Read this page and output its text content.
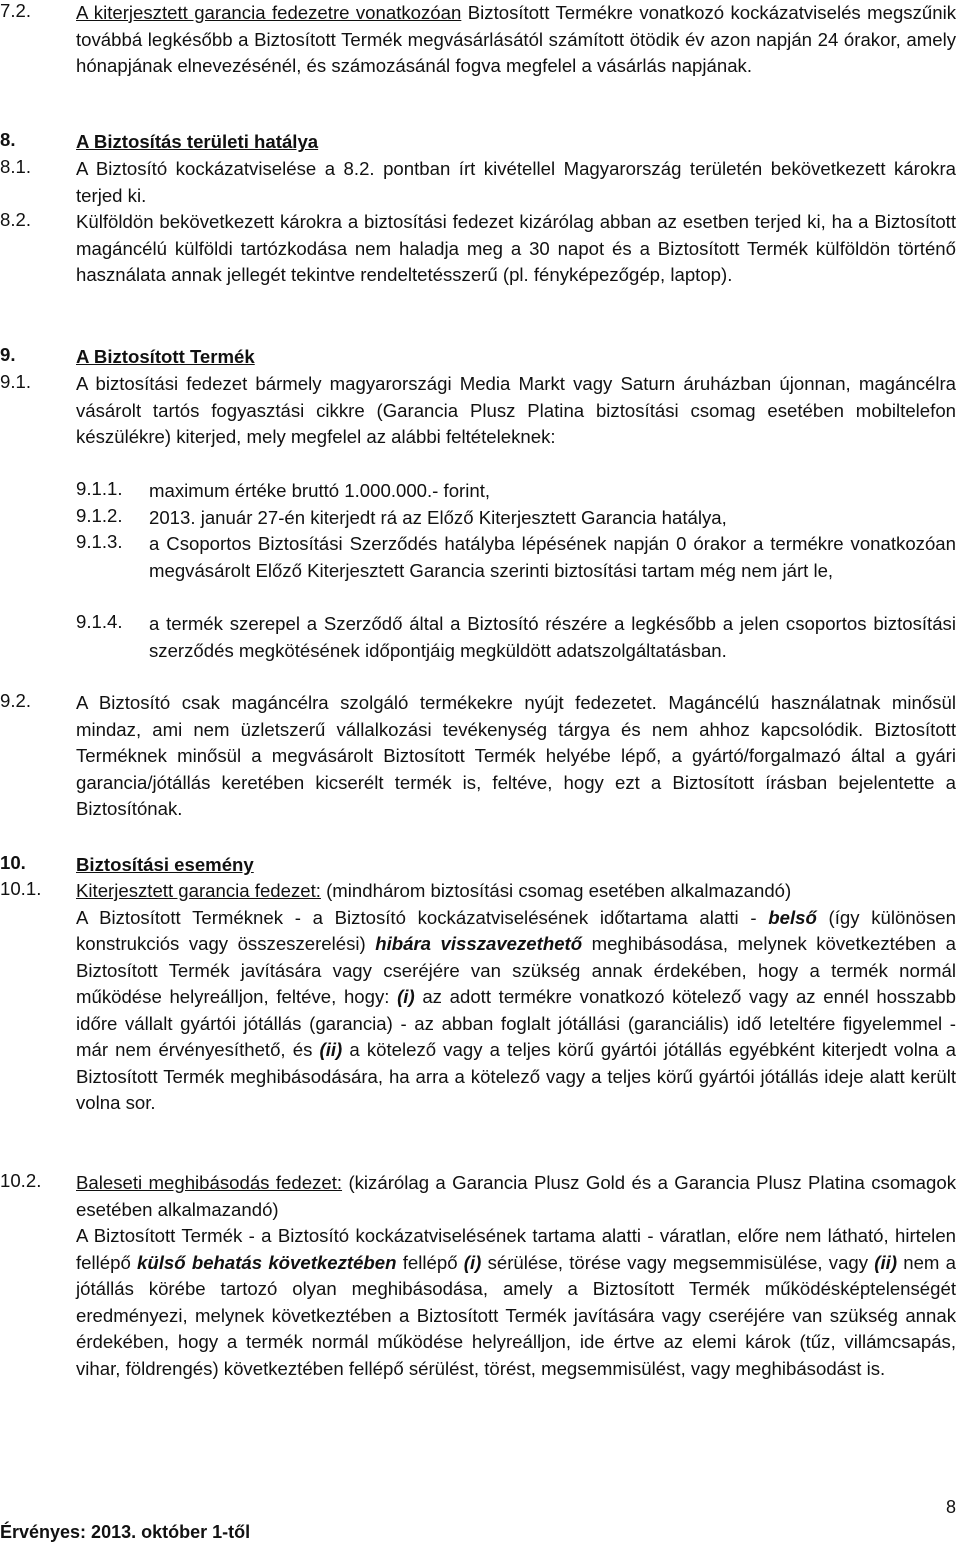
7.2. A kiterjesztett garancia fedezetre vonatkozóan Biztosított Termékre vonatkozó kockázatviselés megszűnik továbbá legkésőbb a Biztosított Termék megvásárlásától számított ötödik év azon napján 24 órakor, amely hónapjának elnevezésénél, és számozásánál fogva megfelel a vásárlás napjának.
8.	A Biztosítás területi hatálya
8.1. A Biztosító kockázatviselése a 8.2. pontban írt kivétellel Magyarország területén bekövetkezett károkra terjed ki.
8.2. Külföldön bekövetkezett károkra a biztosítási fedezet kizárólag abban az esetben terjed ki, ha a Biztosított magáncélú külföldi tartózkodása nem haladja meg a 30 napot és a Biztosított Termék külföldön történő használata annak jellegét tekintve rendeltetésszerű (pl. fényképezőgép, laptop).
9.	A Biztosított Termék
9.1. A biztosítási fedezet bármely magyarországi Media Markt vagy Saturn áruházban újonnan, magáncélra vásárolt tartós fogyasztási cikkre (Garancia Plusz Platina biztosítási csomag esetében mobiltelefon készülékre) kiterjed, mely megfelel az alábbi feltételeknek:
9.1.1. maximum értéke bruttó 1.000.000.- forint,
9.1.2. 2013. január 27-én kiterjedt rá az Előző Kiterjesztett Garancia hatálya,
9.1.3. a Csoportos Biztosítási Szerződés hatályba lépésének napján 0 órakor a termékre vonatkozóan megvásárolt Előző Kiterjesztett Garancia szerinti biztosítási tartam még nem járt le,
9.1.4. a termék szerepel a Szerződő által a Biztosító részére a legkésőbb a jelen csoportos biztosítási szerződés megkötésének időpontjáig megküldött adatszolgáltatásban.
9.2. A Biztosító csak magáncélra szolgáló termékekre nyújt fedezetet. Magáncélú használatnak minősül mindaz, ami nem üzletszerű vállalkozási tevékenység tárgya és nem ahhoz kapcsolódik. Biztosított Terméknek minősül a megvásárolt Biztosított Termék helyébe lépő, a gyártó/forgalmazó által a gyári garancia/jótállás keretében kicserélt termék is, feltéve, hogy ezt a Biztosított írásban bejelentette a Biztosítónak.
10.	Biztosítási esemény
10.1. Kiterjesztett garancia fedezet: (mindhárom biztosítási csomag esetében alkalmazandó)
A Biztosított Terméknek - a Biztosító kockázatviselésének időtartama alatti - belső (így különösen konstrukciós vagy összeszerelési) hibára visszavezethető meghibásodása, melynek következtében a Biztosított Termék javítására vagy cseréjére van szükség annak érdekében, hogy a termék normál működése helyreálljon, feltéve, hogy: (i) az adott termékre vonatkozó kötelező vagy az ennél hosszabb időre vállalt gyártói jótállás (garancia) - az abban foglalt jótállási (garanciális) idő leteltére figyelemmel - már nem érvényesíthető, és (ii) a kötelező vagy a teljes körű gyártói jótállás egyébként kiterjedt volna a Biztosított Termék meghibásodására, ha arra a kötelező vagy a teljes körű gyártói jótállás ideje alatt került volna sor.
10.2. Baleseti meghibásodás fedezet: (kizárólag a Garancia Plusz Gold és a Garancia Plusz Platina csomagok esetében alkalmazandó)
A Biztosított Termék - a Biztosító kockázatviselésének tartama alatti - váratlan, előre nem látható, hirtelen fellépő külső behatás következtében fellépő (i) sérülése, törése vagy megsemmisülése, vagy (ii) nem a jótállás körébe tartozó olyan meghibásodása, amely a Biztosított Termék működésképtelenségét eredményezi, melynek következtében a Biztosított Termék javítására vagy cseréjére van szükség annak érdekében, hogy a termék normál működése helyreálljon, ide értve az elemi károk (tűz, villámcsapás, vihar, földrengés) következtében fellépő sérülést, törést, megsemmisülést, vagy meghibásodást is.
8
Érvényes: 2013. október 1-től
